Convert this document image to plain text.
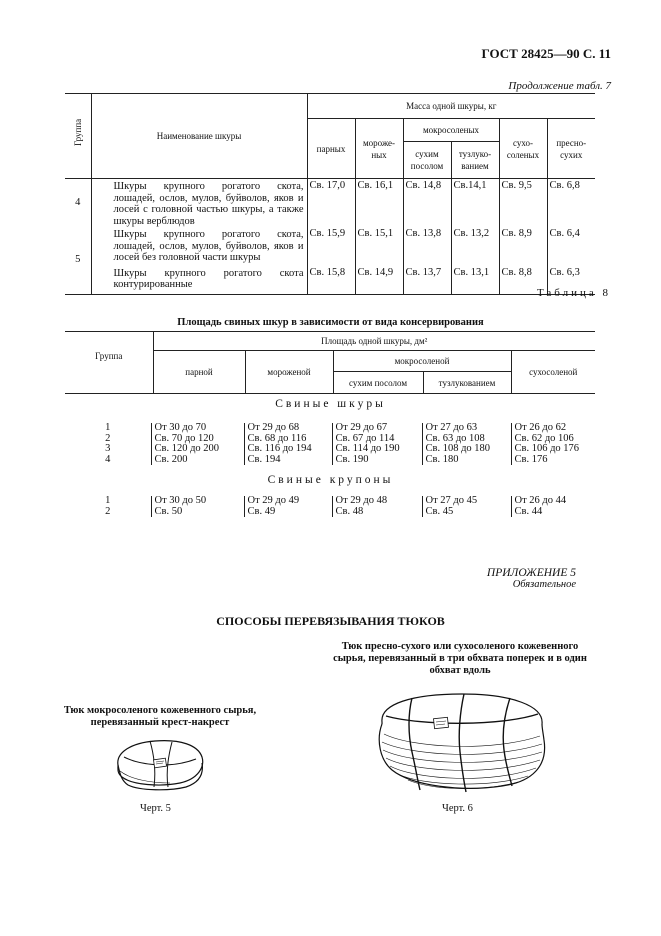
ГОСТ 28425—90 С. 11
Продолжение табл. 7
Группа	Наименование шкуры	Масса одной шкуры, кг					
		парных	мороже-ных	мокросоленых		сухо-соленых	пресно-сухих
				сухим посолом	тузлуко-ванием		
4	Шкуры крупного рогатого скота, лошадей, ослов, мулов, буйволов, яков и лосей с головной частью шкуры, а также шкуры верблюдов	Св. 17,0	Св. 16,1	Св. 14,8	Св.14,1	Св. 9,5	Св. 6,8
5	Шкуры крупного рогатого скота, лошадей, ослов, мулов, буйволов, яков и лосей без головной части шкуры	Св. 15,9	Св. 15,1	Св. 13,8	Св. 13,2	Св. 8,9	Св. 6,4
	Шкуры крупного рогатого скота контурированные	Св. 15,8	Св. 14,9	Св. 13,7	Св. 13,1	Св. 8,8	Св. 6,3
Таблица 8
Площадь свиных шкур в зависимости от вида консервирования
Группа	Площадь одной шкуры, дм²				
	парной	мороженой	мокросоленой		сухосоленой
			сухим посолом	тузлукованием	
Свиные шкуры
1	От 30 до 70	От 29 до 68	От 29 до 67	От 27 до 63	От 26 до 62
2	Св. 70 до 120	Св. 68 до 116	Св. 67 до 114	Св. 63 до 108	Св. 62 до 106
3	Св. 120 до 200	Св. 116 до 194	Св. 114 до 190	Св. 108 до 180	Св. 106 до 176
4	Св. 200	Св. 194	Св. 190	Св. 180	Св. 176
Свиные крупоны
1	От 30 до 50	От 29 до 49	От 29 до 48	От 27 до 45	От 26 до 44
2	Св. 50	Св. 49	Св. 48	Св. 45	Св. 44
ПРИЛОЖЕНИЕ 5
Обязательное
СПОСОБЫ ПЕРЕВЯЗЫВАНИЯ ТЮКОВ
Тюк пресно-сухого или сухосоленого кожевенного сырья, перевязанный в три обхвата поперек и в один обхват вдоль
Тюк мокросоленого кожевенного сырья, перевязанный крест-накрест
Черт. 5	Черт. 6
